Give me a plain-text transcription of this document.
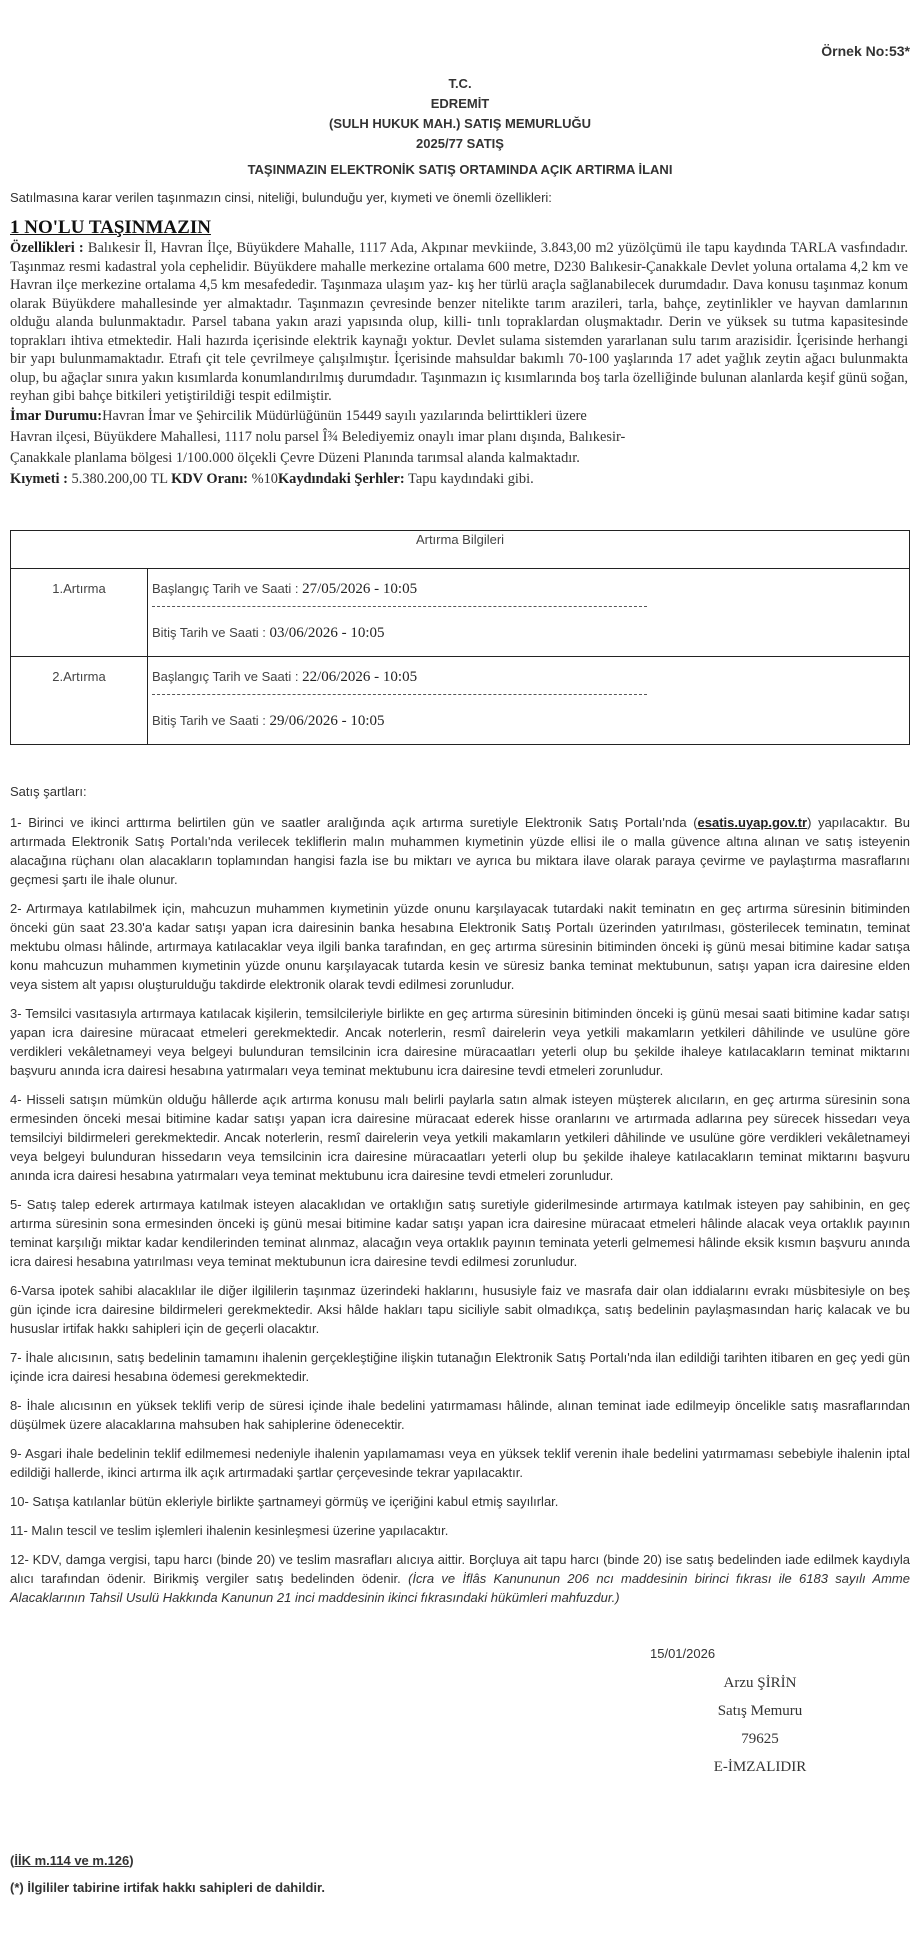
Örnek No:53*
T.C.
EDREMİT
(SULH HUKUK MAH.) SATIŞ MEMURLUĞU
2025/77 SATIŞ
TAŞINMAZIN ELEKTRONİK SATIŞ ORTAMINDA AÇIK ARTIRMA İLANI
Satılmasına karar verilen taşınmazın cinsi, niteliği, bulunduğu yer, kıymeti ve önemli özellikleri:
1 NO'LU TAŞINMAZIN

Özellikleri : Balıkesir İl, Havran İlçe, Büyükdere Mahalle, 1117 Ada, Akpınar mevkiinde, 3.843,00 m2 yüzölçümü ile tapu kaydında TARLA vasfındadır. Taşınmaz resmi kadastral yola cephelidir. Büyükdere mahalle merkezine ortalama 600 metre, D230 Balıkesir-Çanakkale Devlet yoluna ortalama 4,2 km ve Havran ilçe merkezine ortalama 4,5 km mesafededir. Taşınmaza ulaşım yaz- kış her türlü araçla sağlanabilecek durumdadır. Dava konusu taşınmaz konum olarak Büyükdere mahallesinde yer almaktadır. Taşınmazın çevresinde benzer nitelikte tarım arazileri, tarla, bahçe, zeytinlikler ve hayvan damlarının olduğu alanda bulunmaktadır. Parsel tabana yakın arazi yapısında olup, killi- tınlı topraklardan oluşmaktadır. Derin ve yüksek su tutma kapasitesinde toprakları ihtiva etmektedir. Hali hazırda içerisinde elektrik kaynağı yoktur. Devlet sulama sistemden yararlanan sulu tarım arazisidir. İçerisinde herhangi bir yapı bulunmamaktadır. Etrafı çit tele çevrilmeye çalışılmıştır. İçerisinde mahsuldar bakımlı 70-100 yaşlarında 17 adet yağlık zeytin ağacı bulunmakta olup, bu ağaçlar sınıra yakın kısımlarda konumlandırılmış durumdadır. Taşınmazın iç kısımlarında boş tarla özelliğinde bulunan alanlarda keşif günü soğan, reyhan gibi bahçe bitkileri yetiştirildiği tespit edilmiştir.

İmar Durumu:Havran İmar ve Şehircilik Müdürlüğünün 15449 sayılı yazılarında belirttikleri üzere
Havran ilçesi, Büyükdere Mahallesi, 1117 nolu parsel Î¾ Belediyemiz onaylı imar planı dışında, Balıkesir-
Çanakkale planlama bölgesi 1/100.000 ölçekli Çevre Düzeni Planında tarımsal alanda kalmaktadır.
Kıymeti : 5.380.200,00 TL KDV Oranı: %10Kaydındaki Şerhler: Tapu kaydındaki gibi.
Artırma Bilgileri	
1.Artırma	Başlangıç Tarih ve Saati : 27/05/2026 - 10:05
Bitiş Tarih ve Saati : 03/06/2026 - 10:05

2.Artırma	Başlangıç Tarih ve Saati : 22/06/2026 - 10:05
Bitiş Tarih ve Saati : 29/06/2026 - 10:05

Satış şartları:

1- Birinci ve ikinci arttırma belirtilen gün ve saatler aralığında açık artırma suretiyle Elektronik Satış Portalı'nda (esatis.uyap.gov.tr) yapılacaktır. Bu artırmada Elektronik Satış Portalı'nda verilecek tekliflerin malın muhammen kıymetinin yüzde ellisi ile o malla güvence altına alınan ve satış isteyenin alacağına rüçhanı olan alacakların toplamından hangisi fazla ise bu miktarı ve ayrıca bu miktara ilave olarak paraya çevirme ve paylaştırma masraflarını geçmesi şartı ile ihale olunur.

2- Artırmaya katılabilmek için, mahcuzun muhammen kıymetinin yüzde onunu karşılayacak tutardaki nakit teminatın en geç artırma süresinin bitiminden önceki gün saat 23.30'a kadar satışı yapan icra dairesinin banka hesabına Elektronik Satış Portalı üzerinden yatırılması, gösterilecek teminatın, teminat mektubu olması hâlinde, artırmaya katılacaklar veya ilgili banka tarafından, en geç artırma süresinin bitiminden önceki iş günü mesai bitimine kadar satışa konu mahcuzun muhammen kıymetinin yüzde onunu karşılayacak tutarda kesin ve süresiz banka teminat mektubunun, satışı yapan icra dairesine elden veya sistem alt yapısı oluşturulduğu takdirde elektronik olarak tevdi edilmesi zorunludur.

3- Temsilci vasıtasıyla artırmaya katılacak kişilerin, temsilcileriyle birlikte en geç artırma süresinin bitiminden önceki iş günü mesai saati bitimine kadar satışı yapan icra dairesine müracaat etmeleri gerekmektedir. Ancak noterlerin, resmî dairelerin veya yetkili makamların yetkileri dâhilinde ve usulüne göre verdikleri vekâletnameyi veya belgeyi bulunduran temsilcinin icra dairesine müracaatları yeterli olup bu şekilde ihaleye katılacakların teminat miktarını başvuru anında icra dairesi hesabına yatırmaları veya teminat mektubunu icra dairesine tevdi etmeleri zorunludur.

4- Hisseli satışın mümkün olduğu hâllerde açık artırma konusu malı belirli paylarla satın almak isteyen müşterek alıcıların, en geç artırma süresinin sona ermesinden önceki mesai bitimine kadar satışı yapan icra dairesine müracaat ederek hisse oranlarını ve artırmada adlarına pey sürecek hissedarı veya temsilciyi bildirmeleri gerekmektedir. Ancak noterlerin, resmî dairelerin veya yetkili makamların yetkileri dâhilinde ve usulüne göre verdikleri vekâletnameyi veya belgeyi bulunduran hissedarın veya temsilcinin icra dairesine müracaatları yeterli olup bu şekilde ihaleye katılacakların teminat miktarını başvuru anında icra dairesi hesabına yatırmaları veya teminat mektubunu icra dairesine tevdi etmeleri zorunludur.

5- Satış talep ederek artırmaya katılmak isteyen alacaklıdan ve ortaklığın satış suretiyle giderilmesinde artırmaya katılmak isteyen pay sahibinin, en geç artırma süresinin sona ermesinden önceki iş günü mesai bitimine kadar satışı yapan icra dairesine müracaat etmeleri hâlinde alacak veya ortaklık payının teminat karşılığı miktar kadar kendilerinden teminat alınmaz, alacağın veya ortaklık payının teminata yeterli gelmemesi hâlinde eksik kısmın başvuru anında icra dairesi hesabına yatırılması veya teminat mektubunun icra dairesine tevdi edilmesi zorunludur.

6-Varsa ipotek sahibi alacaklılar ile diğer ilgililerin taşınmaz üzerindeki haklarını, hususiyle faiz ve masrafa dair olan iddialarını evrakı müsbitesiyle on beş gün içinde icra dairesine bildirmeleri gerekmektedir. Aksi hâlde hakları tapu siciliyle sabit olmadıkça, satış bedelinin paylaşmasından hariç kalacak ve bu hususlar irtifak hakkı sahipleri için de geçerli olacaktır.

7- İhale alıcısının, satış bedelinin tamamını ihalenin gerçekleştiğine ilişkin tutanağın Elektronik Satış Portalı'nda ilan edildiği tarihten itibaren en geç yedi gün içinde icra dairesi hesabına ödemesi gerekmektedir.

8- İhale alıcısının en yüksek teklifi verip de süresi içinde ihale bedelini yatırmaması hâlinde, alınan teminat iade edilmeyip öncelikle satış masraflarından düşülmek üzere alacaklarına mahsuben hak sahiplerine ödenecektir.

9- Asgari ihale bedelinin teklif edilmemesi nedeniyle ihalenin yapılamaması veya en yüksek teklif verenin ihale bedelini yatırmaması sebebiyle ihalenin iptal edildiği hallerde, ikinci artırma ilk açık artırmadaki şartlar çerçevesinde tekrar yapılacaktır.

10- Satışa katılanlar bütün ekleriyle birlikte şartnameyi görmüş ve içeriğini kabul etmiş sayılırlar.

11- Malın tescil ve teslim işlemleri ihalenin kesinleşmesi üzerine yapılacaktır.

12- KDV, damga vergisi, tapu harcı (binde 20) ve teslim masrafları alıcıya aittir. Borçluya ait tapu harcı (binde 20) ise satış bedelinden iade edilmek kaydıyla alıcı tarafından ödenir. Birikmiş vergiler satış bedelinden ödenir. (İcra ve İflâs Kanununun 206 ncı maddesinin birinci fıkrası ile 6183 sayılı Amme Alacaklarının Tahsil Usulü Hakkında Kanunun 21 inci maddesinin ikinci fıkrasındaki hükümleri mahfuzdur.)

15/01/2026
Arzu ŞİRİN
Satış Memuru
79625
E-İMZALIDIR
(İİK m.114 ve m.126)
(*) İlgililer tabirine irtifak hakkı sahipleri de dahildir.
